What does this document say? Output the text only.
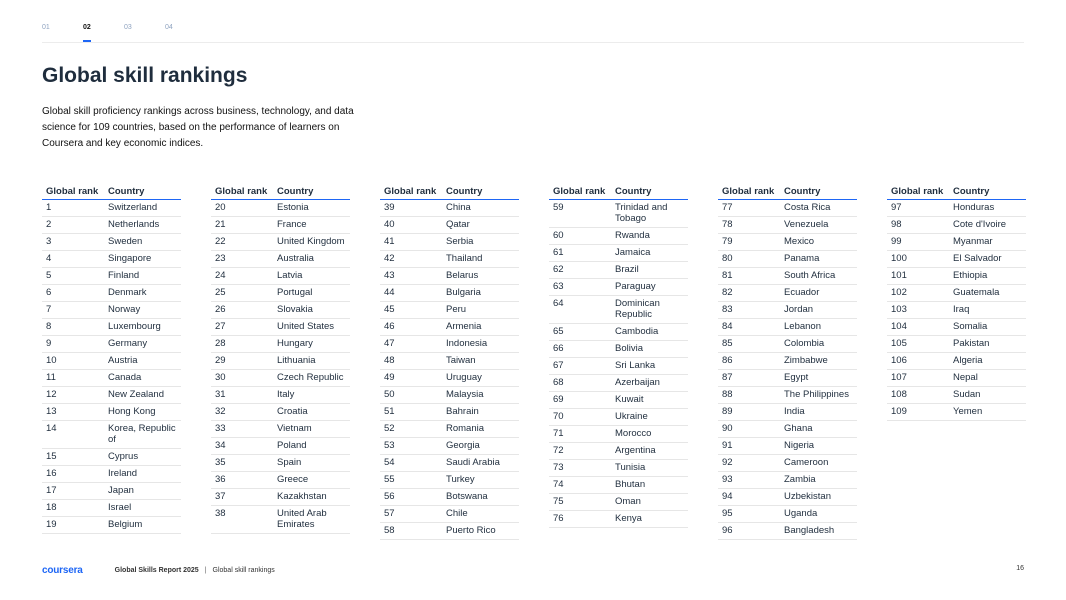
01	02	03	04
Global skill rankings
Global skill proficiency rankings across business, technology, and data science for 109 countries, based on the performance of learners on Coursera and key economic indices.
Global rank	Country
1	Switzerland
2	Netherlands
3	Sweden
4	Singapore
5	Finland
6	Denmark
7	Norway
8	Luxembourg
9	Germany
10	Austria
11	Canada
12	New Zealand
13	Hong Kong
14	Korea, Republic of
15	Cyprus
16	Ireland
17	Japan
18	Israel
19	Belgium
Global rank	Country
20	Estonia
21	France
22	United Kingdom
23	Australia
24	Latvia
25	Portugal
26	Slovakia
27	United States
28	Hungary
29	Lithuania
30	Czech Republic
31	Italy
32	Croatia
33	Vietnam
34	Poland
35	Spain
36	Greece
37	Kazakhstan
38	United Arab Emirates
Global rank	Country
39	China
40	Qatar
41	Serbia
42	Thailand
43	Belarus
44	Bulgaria
45	Peru
46	Armenia
47	Indonesia
48	Taiwan
49	Uruguay
50	Malaysia
51	Bahrain
52	Romania
53	Georgia
54	Saudi Arabia
55	Turkey
56	Botswana
57	Chile
58	Puerto Rico
Global rank	Country
59	Trinidad and Tobago
60	Rwanda
61	Jamaica
62	Brazil
63	Paraguay
64	Dominican Republic
65	Cambodia
66	Bolivia
67	Sri Lanka
68	Azerbaijan
69	Kuwait
70	Ukraine
71	Morocco
72	Argentina
73	Tunisia
74	Bhutan
75	Oman
76	Kenya
Global rank	Country
77	Costa Rica
78	Venezuela
79	Mexico
80	Panama
81	South Africa
82	Ecuador
83	Jordan
84	Lebanon
85	Colombia
86	Zimbabwe
87	Egypt
88	The Philippines
89	India
90	Ghana
91	Nigeria
92	Cameroon
93	Zambia
94	Uzbekistan
95	Uganda
96	Bangladesh
Global rank	Country
97	Honduras
98	Cote d'Ivoire
99	Myanmar
100	El Salvador
101	Ethiopia
102	Guatemala
103	Iraq
104	Somalia
105	Pakistan
106	Algeria
107	Nepal
108	Sudan
109	Yemen
coursera	Global Skills Report 2025 | Global skill rankings	16
